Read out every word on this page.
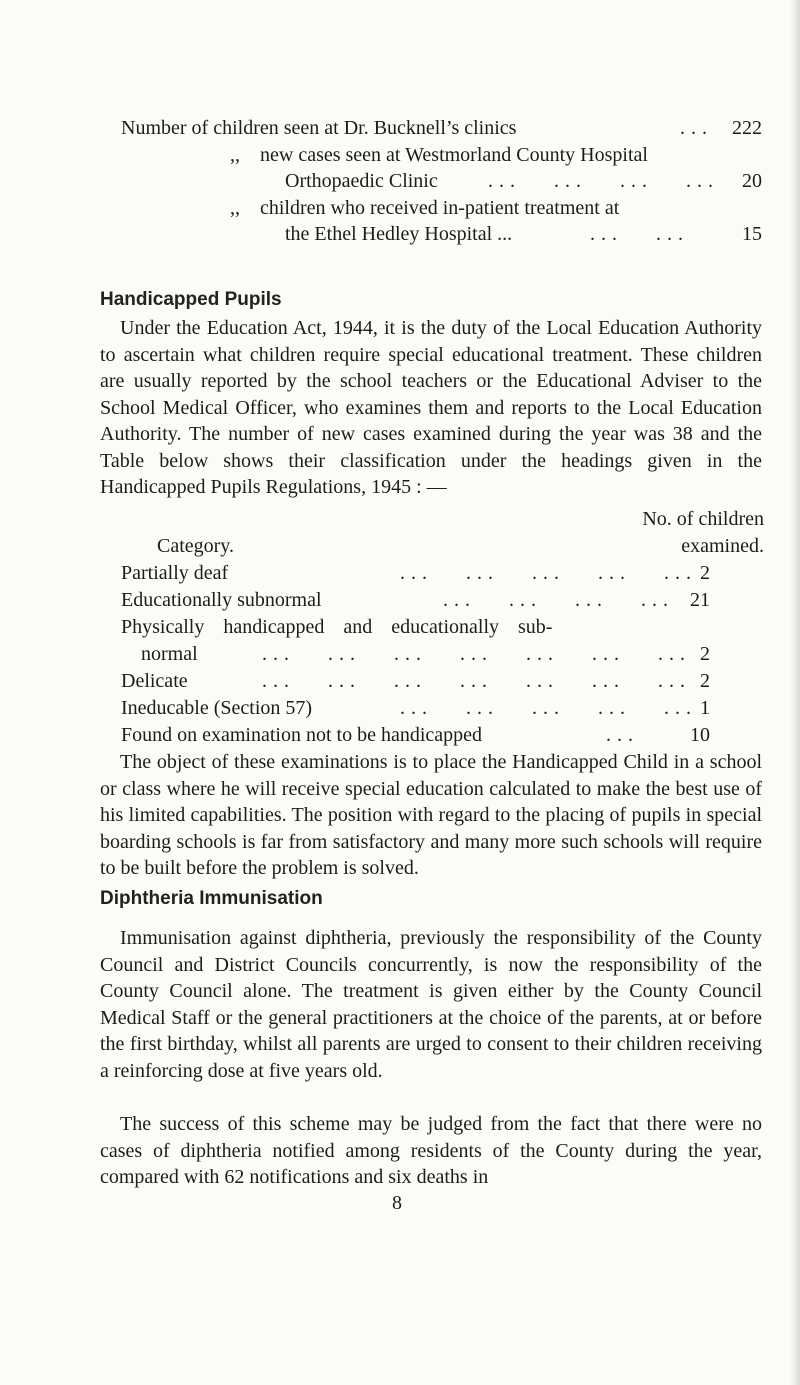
Number of children seen at Dr. Bucknell’s clinics	... 222
,, new cases seen at Westmorland County Hospital
Orthopaedic Clinic	...   ...   ...   ...	20
,, children who received in-patient treatment at
the Ethel Hedley Hospital ...	...   ...	15
Handicapped Pupils
Under the Education Act, 1944, it is the duty of the Local Education Authority to ascertain what children require special educational treatment. These children are usually reported by the school teachers or the Educational Adviser to the School Medical Officer, who examines them and reports to the Local Education Authority. The number of new cases examined during the year was 38 and the Table below shows their classification under the headings given in the Handicapped Pupils Regulations, 1945 : —
No. of children
Category.	examined.
Partially deaf	...   ...   ...   ...   ... 2
Educationally subnormal	...   ...   ...   ... 21
Physically handicapped and educationally sub-
normal	...   ...   ...   ...   ...   ...   ... 2
Delicate	...   ...   ...   ...   ...   ...   ... 2
Ineducable (Section 57)	...   ...   ...   ...   ... 1
Found on examination not to be handicapped	...	10
The object of these examinations is to place the Handicapped Child in a school or class where he will receive special education calculated to make the best use of his limited capabilities. The position with regard to the placing of pupils in special boarding schools is far from satisfactory and many more such schools will require to be built before the problem is solved.
Diphtheria Immunisation
Immunisation against diphtheria, previously the responsibility of the County Council and District Councils concurrently, is now the responsibility of the County Council alone. The treatment is given either by the County Council Medical Staff or the general practitioners at the choice of the parents, at or before the first birthday, whilst all parents are urged to consent to their children receiving a reinforcing dose at five years old.
The success of this scheme may be judged from the fact that there were no cases of diphtheria notified among residents of the County during the year, compared with 62 notifications and six deaths in
8
